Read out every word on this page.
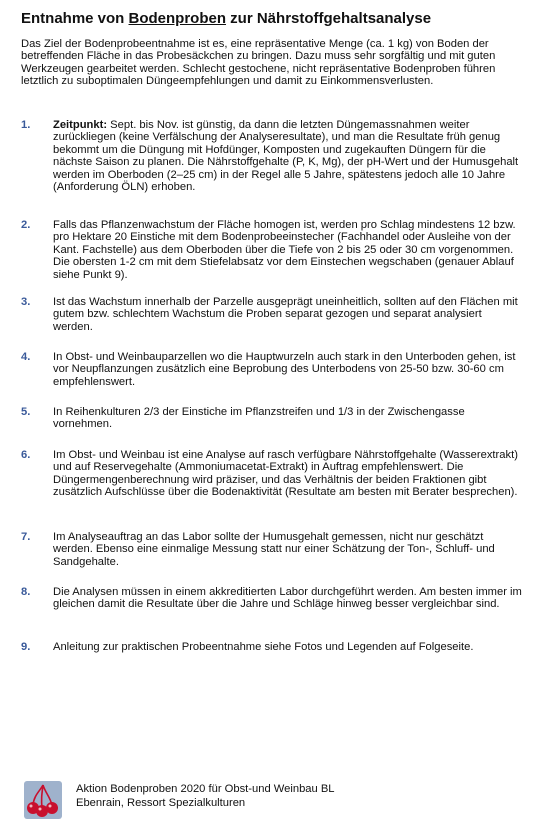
Entnahme von Bodenproben zur Nährstoffgehaltsanalyse

Das Ziel der Bodenprobeentnahme ist es, eine repräsentative Menge (ca. 1 kg) von Boden der betreffenden Fläche in das Probesäckchen zu bringen. Dazu muss sehr sorgfältig und mit guten Werkzeugen gearbeitet werden. Schlecht gestochene, nicht repräsentative Bodenproben führen letztlich zu suboptimalen Düngeempfehlungen und damit zu Einkommensverlusten.

1.	Zeitpunkt: Sept. bis Nov. ist günstig, da dann die letzten Düngemassnahmen weiter zurückliegen (keine Verfälschung der Analyseresultate), und man die Resultate früh genug bekommt um die Düngung mit Hofdünger, Komposten und zugekauften Düngern für die nächste Saison zu planen. Die Nährstoffgehalte (P, K, Mg), der pH-Wert und der Humusgehalt werden im Oberboden (2–25 cm) in der Regel alle 5 Jahre, spätestens jedoch alle 10 Jahre (Anforderung ÖLN) erhoben.
2.	Falls das Pflanzenwachstum der Fläche homogen ist, werden pro Schlag mindestens 12 bzw. pro Hektare 20 Einstiche mit dem Bodenprobeeinstecher (Fachhandel oder Ausleihe von der Kant. Fachstelle) aus dem Oberboden über die Tiefe von 2 bis 25 oder 30 cm vorgenommen. Die obersten 1-2 cm mit dem Stiefelabsatz vor dem Einstechen wegschaben (genauer Ablauf siehe Punkt 9).
3.	Ist das Wachstum innerhalb der Parzelle ausgeprägt uneinheitlich, sollten auf den Flächen mit gutem bzw. schlechtem Wachstum die Proben separat gezogen und separat analysiert werden.
4.	In Obst- und Weinbauparzellen wo die Hauptwurzeln auch stark in den Unterboden gehen, ist vor Neupflanzungen zusätzlich eine Beprobung des Unterbodens von 25-50 bzw. 30-60 cm empfehlenswert.
5.	In Reihenkulturen 2/3 der Einstiche im Pflanzstreifen und 1/3 in der Zwischengasse vornehmen.
6.	Im Obst- und Weinbau ist eine Analyse auf rasch verfügbare Nährstoffgehalte (Wasserextrakt) und auf Reservegehalte (Ammoniumacetat-Extrakt) in Auftrag empfehlenswert. Die Düngermengenberechnung wird präziser, und das Verhältnis der beiden Fraktionen gibt zusätzlich Aufschlüsse über die Bodenaktivität (Resultate am besten mit Berater besprechen).
7.	Im Analyseauftrag an das Labor sollte der Humusgehalt gemessen, nicht nur geschätzt werden. Ebenso eine einmalige Messung statt nur einer Schätzung der Ton-, Schluff- und Sandgehalte.
8.	Die Analysen müssen in einem akkreditierten Labor durchgeführt werden. Am besten immer im gleichen damit die Resultate über die Jahre und Schläge hinweg besser vergleichbar sind.
9.	Anleitung zur praktischen Probeentnahme siehe Fotos und Legenden auf Folgeseite.
Aktion Bodenproben 2020 für Obst-und Weinbau BL
Ebenrain, Ressort Spezialkulturen
